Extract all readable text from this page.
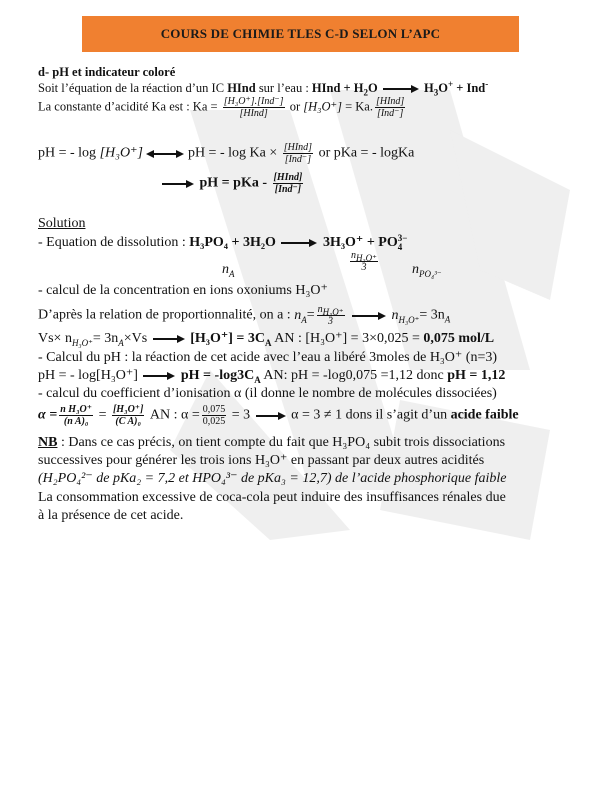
COURS DE CHIMIE TLES C-D SELON L’APC
d- pH et indicateur coloré
Soit l’équation de la réaction d’un IC HInd sur l’eau : HInd + $H_2O$	$H_3O^+ + Ind^-$
La constante d’acidité Ka est : $Ka = \frac{\text{[H₃O⁺].[Ind⁻]}}{\text{[HInd]}}$ or [H₃O⁺] = Ka. $\frac{\text{[HInd]}}{\text{[Ind⁻]}}$
pH = - log [H₃O⁺]	pH = - $\log Ka \times \frac{\text{[HInd]}}{\text{[Ind⁻]}}$ or pKa = - logKa
pH = pKa - $\frac{\text{[HInd]}}{\text{[Ind⁻]}}$
Solution
- Equation de dissolution : H₃PO₄ + 3H₂O	3H₃O⁺ + PO 3−
4
$n_A$
$\frac{n_{H_3O^+}}{3} n_{PO_4^{3-}}$
- calcul de la concentration en ions oxoniums H₃O⁺
D’après la relation de proportionnalité, on a : $n_A= \frac{n_{H_3O^+}}{3}$	$n_{H_3O^+}= 3n_A$
$Vs\times n_{H_3O^+}= 3n_A\times Vs$	$[H_3O^+] = 3C_A$ AN : [H₃O⁺] = 3×0,025 = 0,075 mol/L
- Calcul du pH : la réaction de cet acide avec l’eau a libéré 3moles de H₃O⁺ (n=3)
pH = - log[H₃O⁺]	pH = $-\log 3C_A$ AN: pH = -log0,075 =1,12 donc pH = 1,12
- calcul du coefficient d’ionisation α (il donne le nombre de molécules dissociées)
$\alpha = \frac{\text{n H₃O⁺}}{\text{(n A)₀}} = \frac{\text{[H₃O⁺]}}{\text{(C A)₀}}$ AN : $\alpha = \frac{0,075}{0,025} = 3$	α = 3 ≠ 1 dons il s’agit d’un acide faible
NB : Dans ce cas précis, on tient compte du fait que H₃PO₄ subit trois dissociations
successives pour générer les trois ions H₃O⁺ en passant par deux autres acidités
(H₂PO₄²⁻ de pKa₂ = 7,2 et HPO₄³⁻ de pKa₃ = 12,7) de l’acide phosphorique faible
La consommation excessive de coca-cola peut induire des insuffisances rénales due
à la présence de cet acide.
